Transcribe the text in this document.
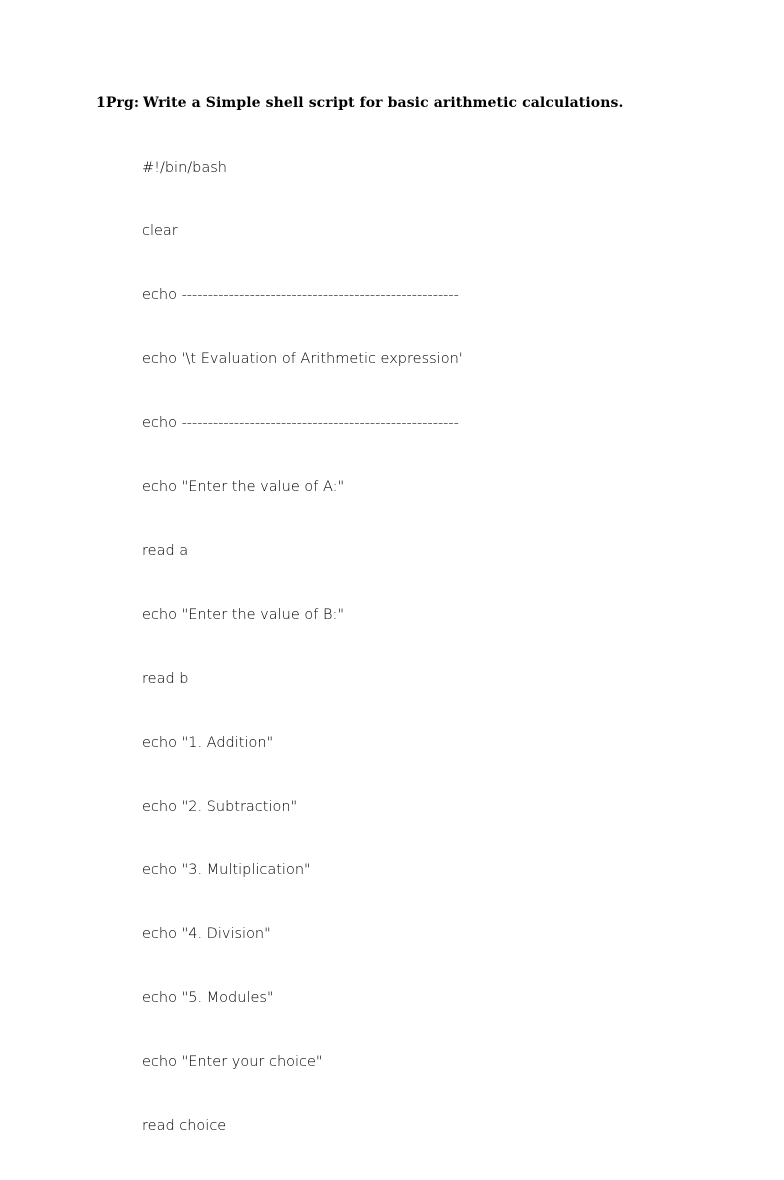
1Prg: Write a Simple shell script for basic arithmetic calculations.

#!/bin/bash

clear

echo -----------------------------------------------------

echo '\t Evaluation of Arithmetic expression'

echo -----------------------------------------------------

echo "Enter the value of A:"

read a

echo "Enter the value of B:"

read b

echo "1. Addition"

echo "2. Subtraction"

echo "3. Multiplication"

echo "4. Division"

echo "5. Modules"

echo "Enter your choice"

read choice
